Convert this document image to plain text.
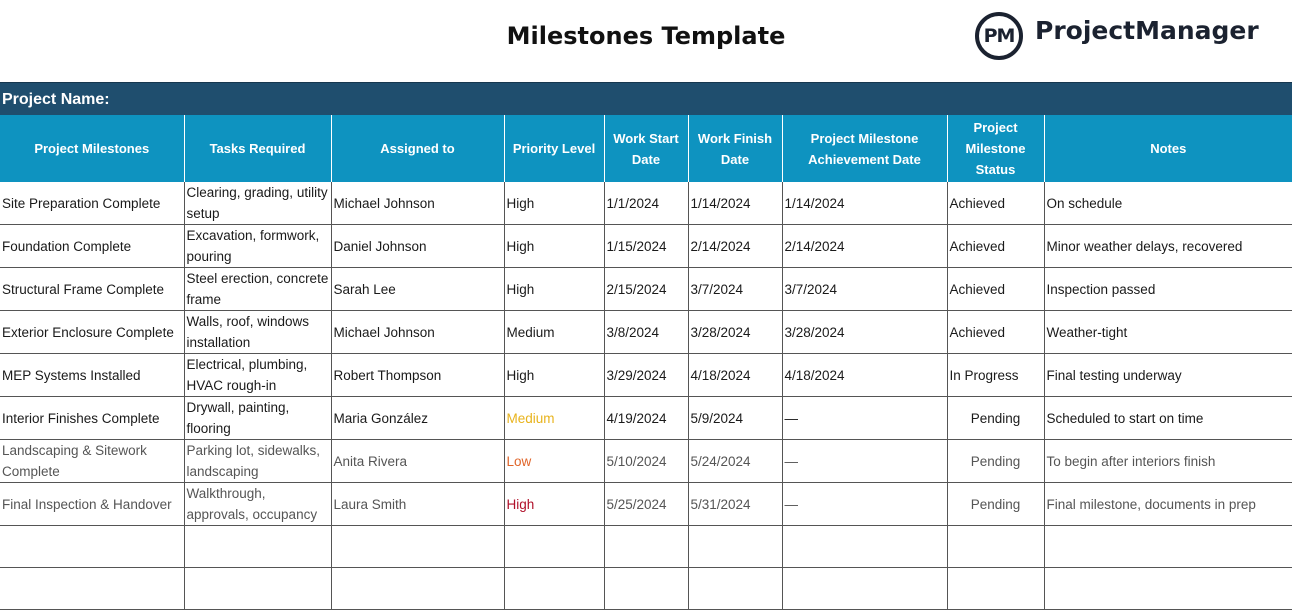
Milestones Template	PM ProjectManager
Project Name:
Project Milestones	Tasks Required	Assigned to	Priority Level	Work Start Date	Work Finish Date	Project Milestone Achievement Date	Project Milestone Status	Notes
Site Preparation Complete	Clearing, grading, utility setup	Michael Johnson	High	1/1/2024	1/14/2024	1/14/2024	Achieved	On schedule
Foundation Complete	Excavation, formwork, pouring	Daniel Johnson	High	1/15/2024	2/14/2024	2/14/2024	Achieved	Minor weather delays, recovered
Structural Frame Complete	Steel erection, concrete frame	Sarah Lee	High	2/15/2024	3/7/2024	3/7/2024	Achieved	Inspection passed
Exterior Enclosure Complete	Walls, roof, windows installation	Michael Johnson	Medium	3/8/2024	3/28/2024	3/28/2024	Achieved	Weather-tight
MEP Systems Installed	Electrical, plumbing, HVAC rough-in	Robert Thompson	High	3/29/2024	4/18/2024	4/18/2024	In Progress	Final testing underway
Interior Finishes Complete	Drywall, painting, flooring	Maria González	Medium	4/19/2024	5/9/2024	—	Pending	Scheduled to start on time
Landscaping & Sitework Complete	Parking lot, sidewalks, landscaping	Anita Rivera	Low	5/10/2024	5/24/2024	—	Pending	To begin after interiors finish
Final Inspection & Handover	Walkthrough, approvals, occupancy	Laura Smith	High	5/25/2024	5/31/2024	—	Pending	Final milestone, documents in prep
